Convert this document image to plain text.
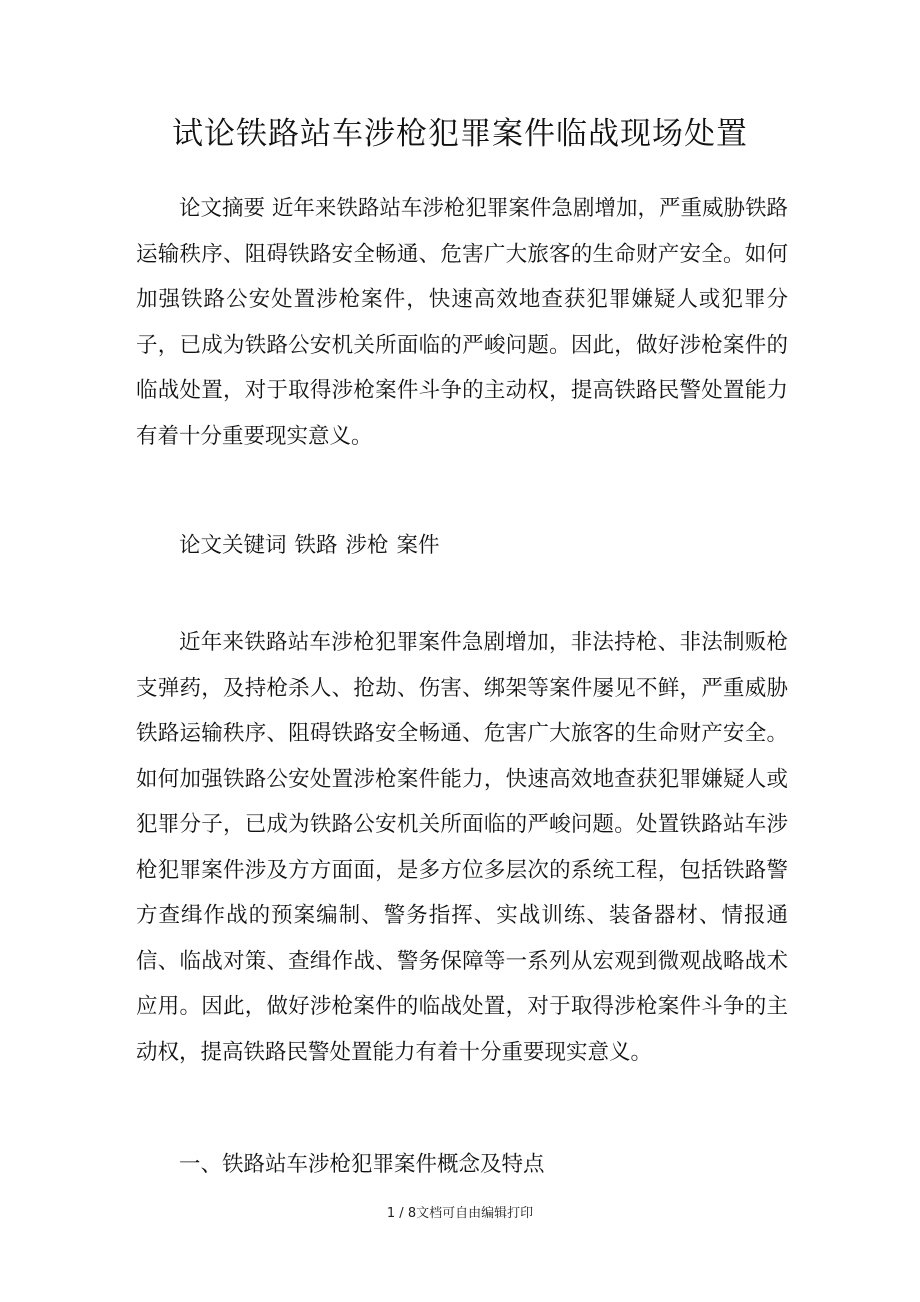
试论铁路站车涉枪犯罪案件临战现场处置

论文摘要 近年来铁路站车涉枪犯罪案件急剧增加，严重威胁铁路运输秩序、阻碍铁路安全畅通、危害广大旅客的生命财产安全。如何加强铁路公安处置涉枪案件，快速高效地查获犯罪嫌疑人或犯罪分子，已成为铁路公安机关所面临的严峻问题。因此，做好涉枪案件的临战处置，对于取得涉枪案件斗争的主动权，提高铁路民警处置能力有着十分重要现实意义。

论文关键词 铁路 涉枪 案件

近年来铁路站车涉枪犯罪案件急剧增加，非法持枪、非法制贩枪支弹药，及持枪杀人、抢劫、伤害、绑架等案件屡见不鲜，严重威胁铁路运输秩序、阻碍铁路安全畅通、危害广大旅客的生命财产安全。如何加强铁路公安处置涉枪案件能力，快速高效地查获犯罪嫌疑人或犯罪分子，已成为铁路公安机关所面临的严峻问题。处置铁路站车涉枪犯罪案件涉及方方面面，是多方位多层次的系统工程，包括铁路警方查缉作战的预案编制、警务指挥、实战训练、装备器材、情报通信、临战对策、查缉作战、警务保障等一系列从宏观到微观战略战术应用。因此，做好涉枪案件的临战处置，对于取得涉枪案件斗争的主动权，提高铁路民警处置能力有着十分重要现实意义。

一、铁路站车涉枪犯罪案件概念及特点

1 / 8文档可自由编辑打印
